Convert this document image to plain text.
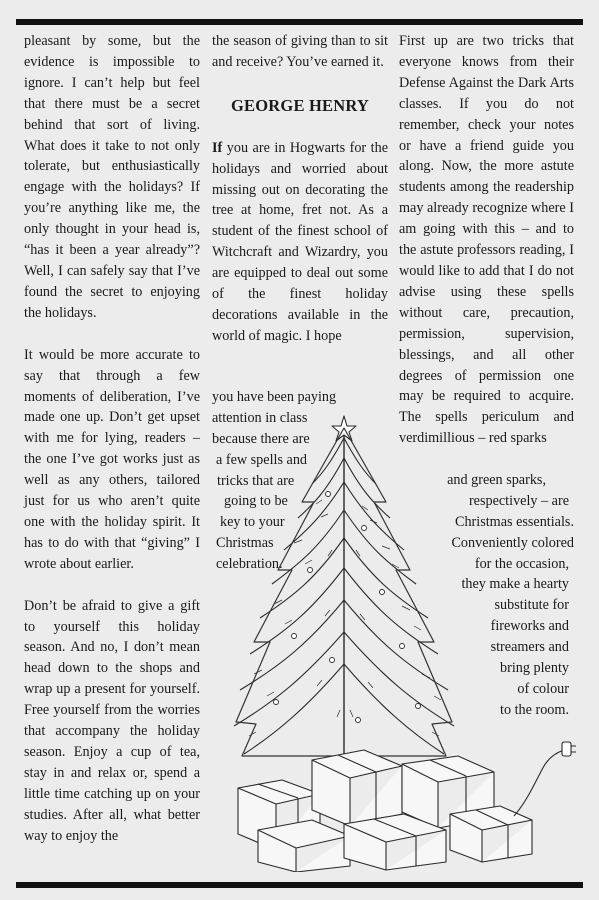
pleasant by some, but the evidence is impossible to ignore. I can’t help but feel that there must be a secret behind that sort of living. What does it take to not only tolerate, but enthusiastically engage with the holidays? If you’re anything like me, the only thought in your head is, “has it been a year already”? Well, I can safely say that I’ve found the secret to enjoying the holidays.

It would be more accurate to say that through a few moments of deliberation, I’ve made one up. Don’t get upset with me for lying, readers – the one I’ve got works just as well as any others, tailored just for us who aren’t quite one with the holiday spirit. It has to do with that “giving” I wrote about earlier.

Don’t be afraid to give a gift to yourself this holiday season. And no, I don’t mean head down to the shops and wrap up a present for yourself. Free yourself from the worries that accompany the holiday season. Enjoy a cup of tea, stay in and relax or, spend a little time catching up on your studies. After all, what better way to enjoy the

the season of giving than to sit and receive? You’ve earned it.

GEORGE HENRY

If you are in Hogwarts for the holidays and worried about missing out on decorating the tree at home, fret not. As a student of the finest school of Witchcraft and Wizardry, you are equipped to deal out some of the finest holiday decorations available in the world of magic. I hope

you have been paying
attention in class
because there are
a few spells and
tricks that are
going to be
key to your
Christmas
celebration.

First up are two tricks that everyone knows from their Defense Against the Dark Arts classes. If you do not remember, check your notes or have a friend guide you along. Now, the more astute students among the readership may already recognize where I am going with this – and to the astute professors reading, I would like to add that I do not advise using these spells without care, precaution, permission, supervision, blessings, and all other degrees of permission one may be required to acquire. The spells periculum and verdimillious – red sparks

and green sparks,
respectively – are
Christmas essentials.
Conveniently colored
for the occasion,
they make a hearty
substitute for
fireworks and
streamers and
bring plenty
of colour
to the room.
